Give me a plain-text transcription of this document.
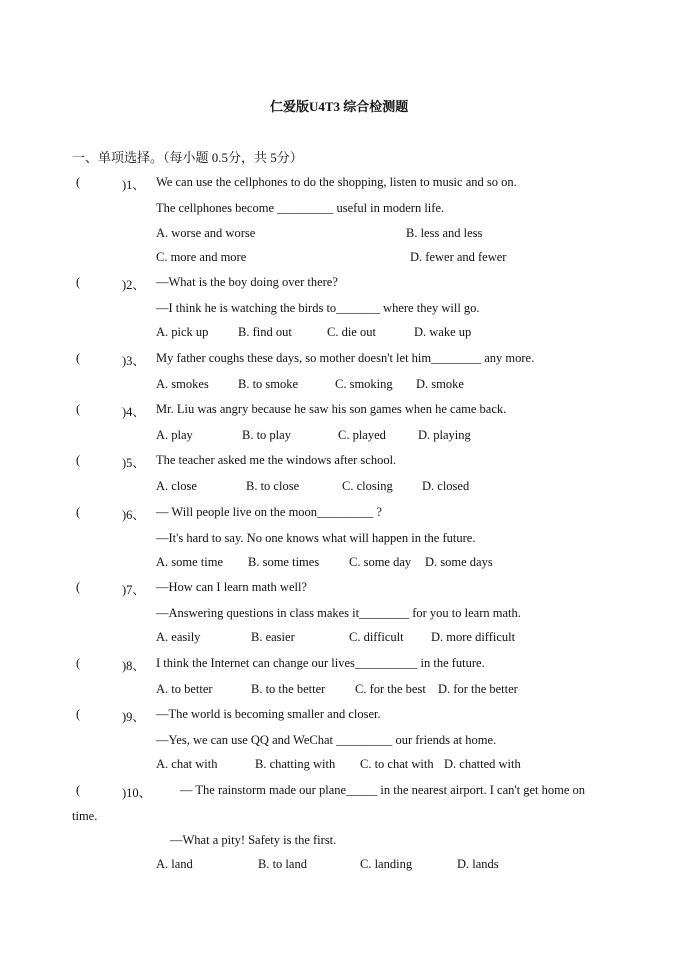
仁爱版U4T3 综合检测题
一、单项选择。（每小题 0.5分，共 5分）
(	)1、 We can use the cellphones to do the shopping, listen to music and so on.
The cellphones become _________ useful in modern life.
A. worse and worse	B. less and less
C. more and more	D. fewer and fewer
(	)2、 —What is the boy doing over there?
—I think he is watching the birds to_______ where they will go.
A. pick up B. find out	C. die out	D. wake up
(	)3、 My father coughs these days, so mother doesn't let him________ any more.
A. smokes B. to smoke	C. smoking D. smoke
(	)4、 Mr. Liu was angry because he saw his son games when he came back.
A. play	B. to play	C. played	D. playing
(	)5、 The teacher asked me the windows after school.
A. close	B. to close	C. closing D. closed
(	)6、 — Will people live on the moon_________ ?
—It's hard to say. No one knows what will happen in the future.
A. some time B. some times C. some day D. some days
(	)7、 —How can I learn math well?
—Answering questions in class makes it________ for you to learn math.
A. easily	B. easier	C. difficult D. more difficult
(	)8、 I think the Internet can change our lives__________ in the future.
A. to better	B. to the better C. for the best D. for the better
(	)9、 —The world is becoming smaller and closer.
—Yes, we can use QQ and WeChat _________ our friends at home.
A. chat with	B. chatting with C. to chat with D. chatted with
(	)10、 — The rainstorm made our plane_____ in the nearest airport. I can't get home on
time.
—What a pity! Safety is the first.
A. land	B. to land	C. landing	D. lands
